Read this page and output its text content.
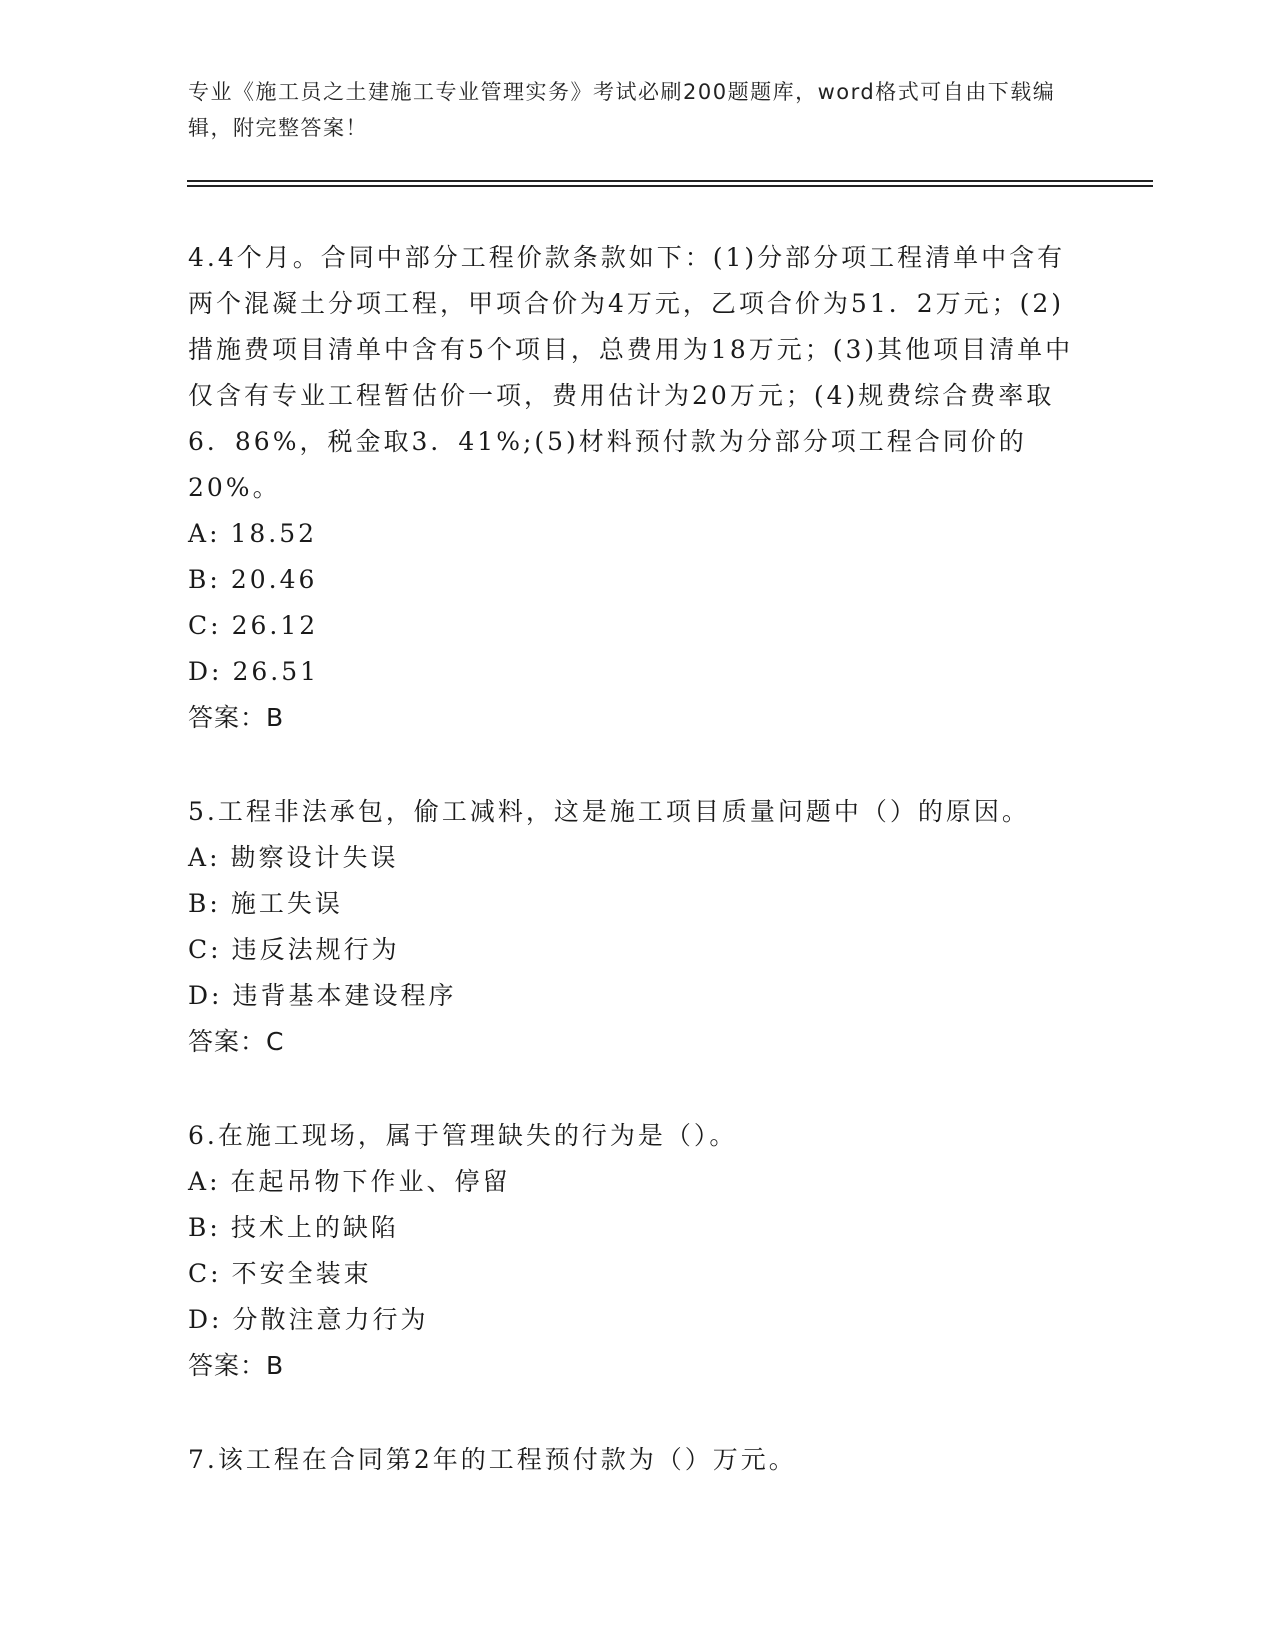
专业《施工员之土建施工专业管理实务》考试必刷200题题库，word格式可自由下载编辑，附完整答案！
4.4个月。合同中部分工程价款条款如下：(1)分部分项工程清单中含有两个混凝土分项工程，甲项合价为4万元，乙项合价为51．2万元；(2)措施费项目清单中含有5个项目，总费用为18万元；(3)其他项目清单中仅含有专业工程暂估价一项，费用估计为20万元；(4)规费综合费率取6．86%，税金取3．41%;(5)材料预付款为分部分项工程合同价的20%。
A: 18.52
B: 20.46
C: 26.12
D: 26.51
答案：B
5.工程非法承包，偷工减料，这是施工项目质量问题中（）的原因。
A: 勘察设计失误
B: 施工失误
C: 违反法规行为
D: 违背基本建设程序
答案：C
6.在施工现场，属于管理缺失的行为是（）。
A: 在起吊物下作业、停留
B: 技术上的缺陷
C: 不安全装束
D: 分散注意力行为
答案：B
7.该工程在合同第2年的工程预付款为（）万元。
